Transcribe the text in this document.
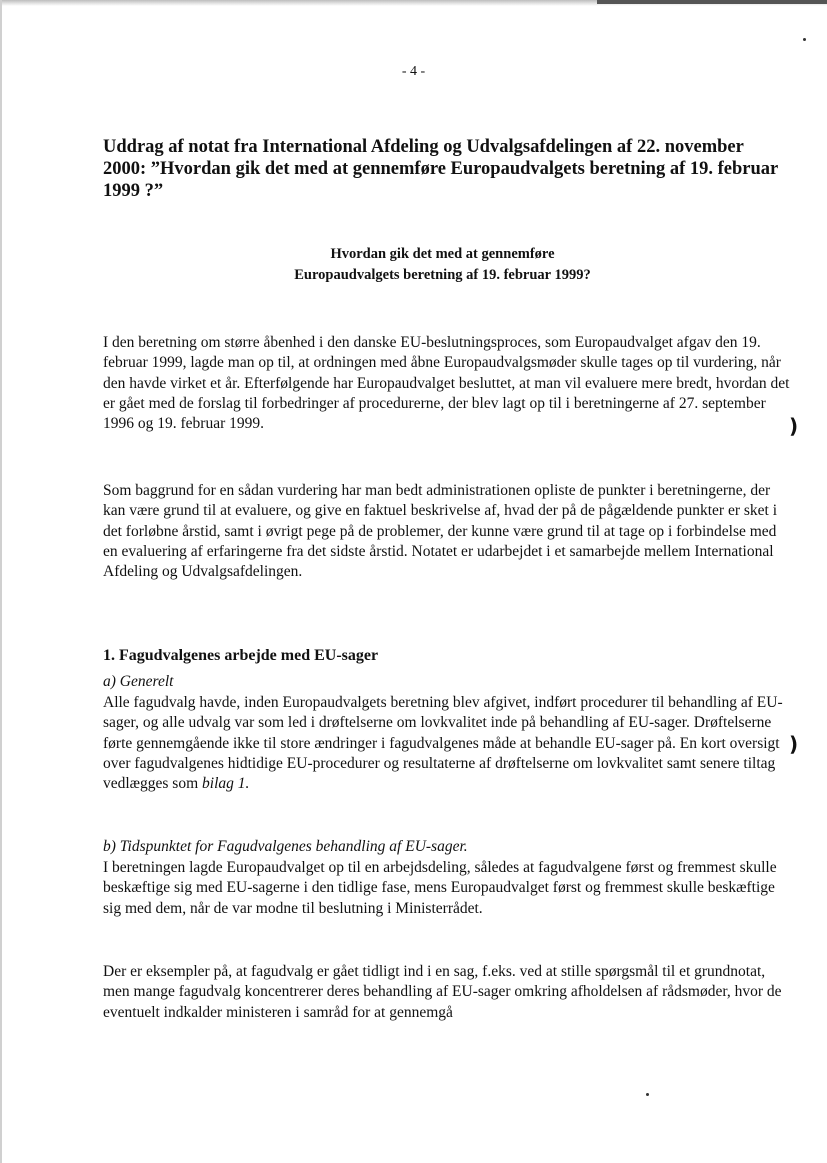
- 4 -
Uddrag af notat fra International Afdeling og Udvalgsafdelingen af 22. november 2000: ”Hvordan gik det med at gennemføre Europaudvalgets beretning af 19. februar 1999 ?”
Hvordan gik det med at gennemføre
Europaudvalgets beretning af 19. februar 1999?

I den beretning om større åbenhed i den danske EU-beslutningsproces, som Europaudvalget afgav den 19. februar 1999, lagde man op til, at ordningen med åbne Europaudvalgsmøder skulle tages op til vurdering, når den havde virket et år. Efterfølgende har Europaudvalget besluttet, at man vil evaluere mere bredt, hvordan det er gået med de forslag til forbedringer af procedurerne, der blev lagt op til i beretningerne af 27. september 1996 og 19. februar 1999.

Som baggrund for en sådan vurdering har man bedt administrationen opliste de punkter i beretningerne, der kan være grund til at evaluere, og give en faktuel beskrivelse af, hvad der på de pågældende punkter er sket i det forløbne årstid, samt i øvrigt pege på de problemer, der kunne være grund til at tage op i forbindelse med en evaluering af erfaringerne fra det sidste årstid. Notatet er udarbejdet i et samarbejde mellem International Afdeling og Udvalgsafdelingen.

1. Fagudvalgenes arbejde med EU-sager
a) Generelt

Alle fagudvalg havde, inden Europaudvalgets beretning blev afgivet, indført procedurer til behandling af EU-sager, og alle udvalg var som led i drøftelserne om lovkvalitet inde på behandling af EU-sager. Drøftelserne førte gennemgående ikke til store ændringer i fagudvalgenes måde at behandle EU-sager på. En kort oversigt over fagudvalgenes hidtidige EU-procedurer og resultaterne af drøftelserne om lovkvalitet samt senere tiltag vedlægges som bilag 1.

b) Tidspunktet for Fagudvalgenes behandling af EU-sager.

I beretningen lagde Europaudvalget op til en arbejdsdeling, således at fagudvalgene først og fremmest skulle beskæftige sig med EU-sagerne i den tidlige fase, mens Europaudvalget først og fremmest skulle beskæftige sig med dem, når de var modne til beslutning i Ministerrådet.

Der er eksempler på, at fagudvalg er gået tidligt ind i en sag, f.eks. ved at stille spørgsmål til et grundnotat, men mange fagudvalg koncentrerer deres behandling af EU-sager omkring afholdelsen af rådsmøder, hvor de eventuelt indkalder ministeren i samråd for at gennemgå

)
)
